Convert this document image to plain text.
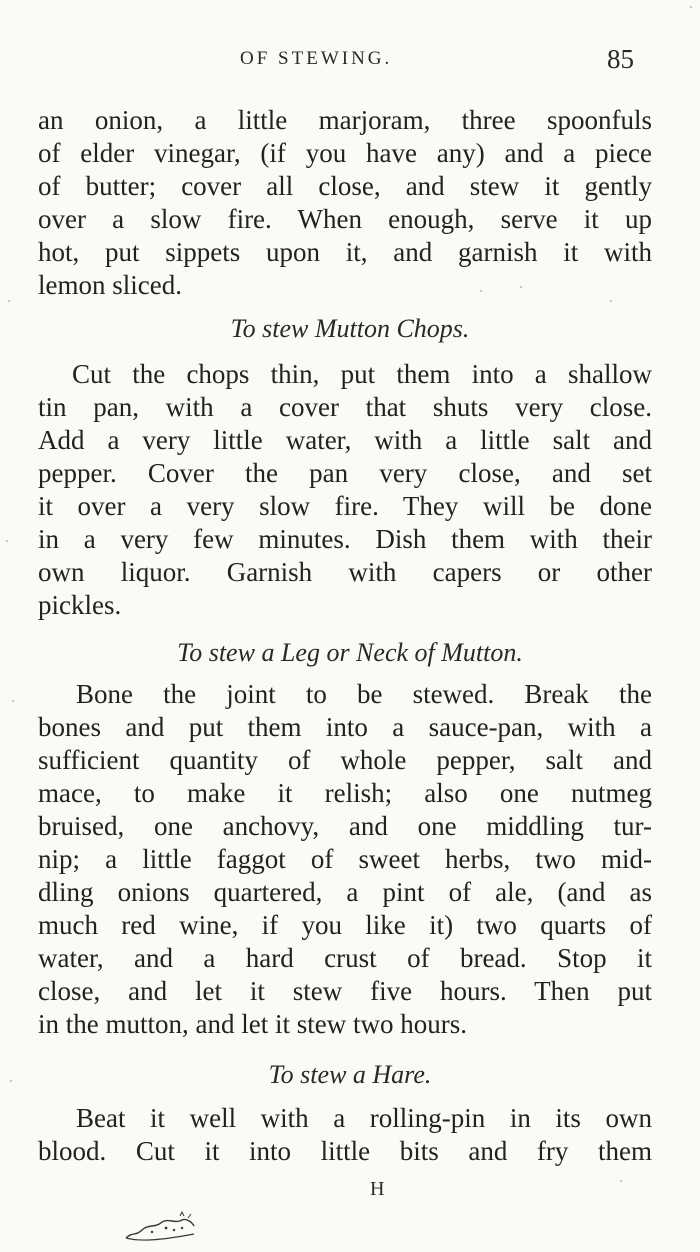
OF STEWING.	85
an onion, a little marjoram, three spoonfuls
of elder vinegar, (if you have any) and a piece
of butter; cover all close, and stew it gently
over a slow fire. When enough, serve it up
hot, put sippets upon it, and garnish it with
lemon sliced.
To stew Mutton Chops.
Cut the chops thin, put them into a shallow
tin pan, with a cover that shuts very close.
Add a very little water, with a little salt and
pepper. Cover the pan very close, and set
it over a very slow fire. They will be done
in a very few minutes. Dish them with their
own liquor. Garnish with capers or other
pickles.
To stew a Leg or Neck of Mutton.
Bone the joint to be stewed. Break the
bones and put them into a sauce-pan, with a
sufficient quantity of whole pepper, salt and
mace, to make it relish; also one nutmeg
bruised, one anchovy, and one middling tur-
nip; a little faggot of sweet herbs, two mid-
dling onions quartered, a pint of ale, (and as
much red wine, if you like it) two quarts of
water, and a hard crust of bread. Stop it
close, and let it stew five hours. Then put
in the mutton, and let it stew two hours.
To stew a Hare.
Beat it well with a rolling-pin in its own
blood. Cut it into little bits and fry them
H
